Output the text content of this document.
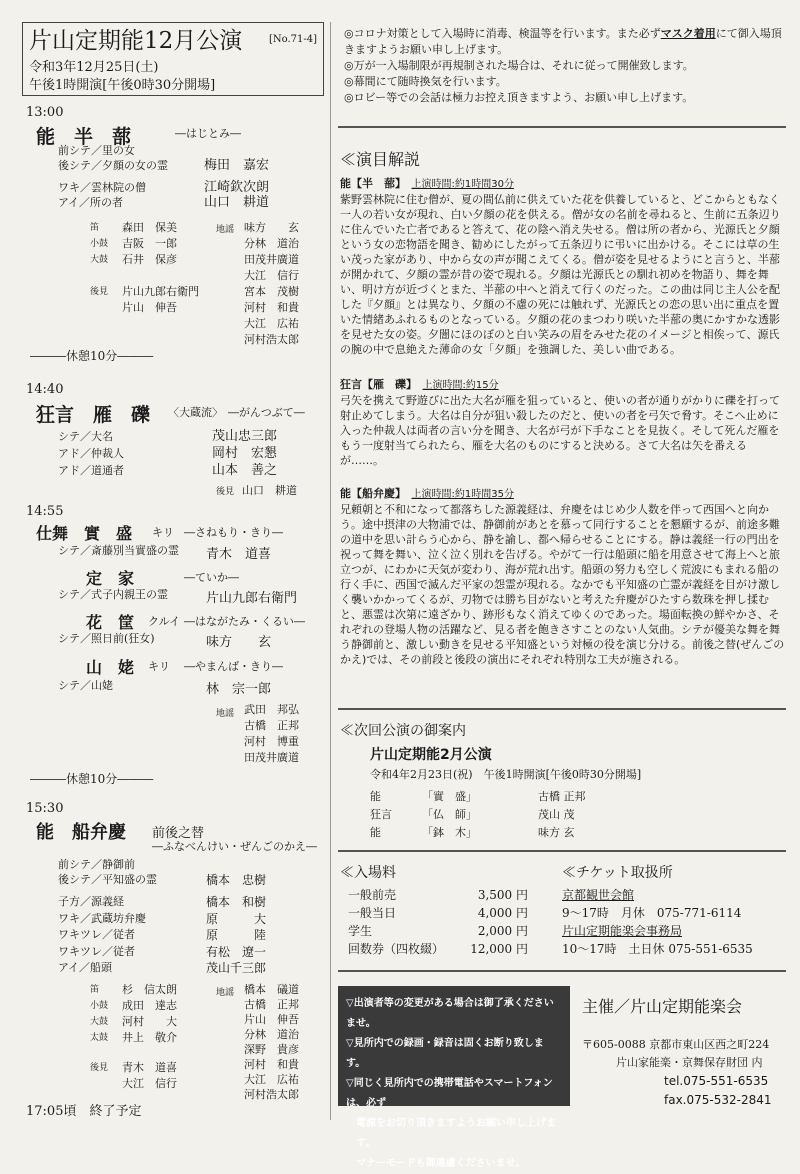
片山定期能12月公演	[No.71-4]
令和3年12月25日(土)
午後1時開演[午後0時30分開場]
13:00
能　半　蔀	―はじとみ―
前シテ／里の女
後シテ／夕顔の女の霊	梅田　嘉宏
ワキ／雲林院の僧	江崎欽次朗
アイ／所の者	山口　耕道
笛	森田　保美
小鼓	吉阪　一郎
大鼓	石井　保彦
後見	片山九郎右衛門
片山　伸吾
地謡 味方　　玄
分林　道治
田茂井廣道
大江　信行
宮本　茂樹
河村　和貴
大江　広祐
河村浩太郎
―――休憩10分―――
14:40
狂言　雁　礫 〈大蔵流〉 ―がんつぶて―
シテ／大名	茂山忠三郎
アド／仲裁人	岡村　宏懇
アド／道通者	山本　善之
後見 山口　耕道
14:55
仕舞　實　盛 キリ ―さねもり・きり―
シテ／斎藤別当實盛の霊 青木　道喜
定　家	―ていか―
シテ／式子内親王の霊	片山九郎右衛門
花　筐 クルイ ―はながたみ・くるい―
シテ／照日前(狂女)	味方　　玄
山　姥 キリ ―やまんば・きり―
シテ／山姥	林　宗一郎
地謡 武田　邦弘
古橋　正邦
河村　博重
田茂井廣道
―――休憩10分―――
15:30
能　船弁慶 前後之替
―ふなべんけい・ぜんごのかえ―
前シテ／静御前
後シテ／平知盛の霊	橋本　忠樹
子方／源義経	橋本　和樹
ワキ／武蔵坊弁慶	原　　　大
ワキツレ／従者	原　　　陸
ワキツレ／従者	有松　遼一
アイ／船頭	茂山千三郎
笛	杉　信太朗
小鼓	成田　達志
大鼓	河村　　大
太鼓	井上　敬介
後見	青木　道喜
大江　信行
地謡 橋本　礒道
古橋　正邦
片山　伸吾
分林　道治
深野　貴彦
河村　和貴
大江　広祐
河村浩太郎
17:05頃　終了予定
◎コロナ対策として入場時に消毒、検温等を行います。また必ずマスク着用にて御入場頂きますようお願い申し上げます。
◎万が一入場制限が再規制された場合は、それに従って開催致します。
◎幕間にて随時換気を行います。
◎ロビー等での会話は極力お控え頂きますよう、お願い申し上げます。
≪演目解説
能【半　蔀】　 上演時間:約1時間30分
紫野雲林院に住む僧が、夏の間仏前に供えていた花を供養していると、どこからともなく一人の若い女が現れ、白い夕顔の花を供える。僧が女の名前を尋ねると、生前に五条辺りに住んでいた亡者であると答えて、花の陰へ消え失せる。僧は所の者から、光源氏と夕顔という女の恋物語を聞き、勧めにしたがって五条辺りに弔いに出かける。そこには草の生い茂った家があり、中から女の声が聞こえてくる。僧が姿を見せるようにと言うと、半蔀が開かれて、夕顔の霊が昔の姿で現れる。夕顔は光源氏との馴れ初めを物語り、舞を舞い、明け方が近づくとまた、半蔀の中へと消えて行くのだった。この曲は同じ主人公を配した『夕顔』とは異なり、夕顔の不慮の死には触れず、光源氏との恋の思い出に重点を置いた情緒あふれるものとなっている。夕顔の花のまつわり咲いた半蔀の奥にかすかな透影を見せた女の姿。夕闇にほのぼのと白い笑みの眉をみせた花のイメージと相俟って、源氏の腕の中で息絶えた薄命の女「夕顔」を強調した、美しい曲である。
狂言【雁　礫】　 上演時間:約15分
弓矢を携えて野遊びに出た大名が雁を狙っていると、使いの者が通りがかりに礫を打って射止めてしまう。大名は自分が狙い殺したのだと、使いの者を弓矢で脅す。そこへ止めに入った仲裁人は両者の言い分を聞き、大名が弓が下手なことを見抜く。そして死んだ雁をもう一度射当てられたら、雁を大名のものにすると決める。さて大名は矢を番えるが……。
能【船弁慶】　 上演時間:約1時間35分
兄頼朝と不和になって都落ちした源義経は、弁慶をはじめ少人数を伴って西国へと向かう。途中摂津の大物浦では、静御前があとを慕って同行することを懇願するが、前途多難の道中を思い計らう心から、静を諭し、都へ帰らせることにする。静は義経一行の門出を祝って舞を舞い、泣く泣く別れを告げる。やがて一行は船頭に船を用意させて海上へと旅立つが、にわかに天気が変わり、海が荒れ出す。船頭の努力も空しく荒波にもまれる船の行く手に、西国で滅んだ平家の怨霊が現れる。なかでも平知盛の亡霊が義経を目がけ激しく襲いかかってくるが、刃物では勝ち目がないと考えた弁慶がひたすら数珠を押し揉むと、悪霊は次第に遠ざかり、跡形もなく消えてゆくのであった。場面転換の鮮やかさ、それぞれの登場人物の活躍など、見る者を飽きさすことのない人気曲。シテが優美な舞を舞う静御前と、激しい動きを見せる平知盛という対極の役を演じ分ける。前後之替(ぜんごのかえ)では、その前段と後段の演出にそれぞれ特別な工夫が施される。
≪次回公演の御案内
片山定期能2月公演
令和4年2月23日(祝)　午後1時開演[午後0時30分開場]
能	「實　盛」	古橋 正邦
狂言	「仏　師」	茂山 茂
能	「鉢　木」	味方 玄
≪入場料
一般前売	3,500 円
一般当日	4,000 円
学生	2,000 円
回数券（四枚綴） 12,000 円
≪チケット取扱所
京都観世会館
9〜17時　月休　075-771-6114
片山定期能楽会事務局
10〜17時　土日休 075-551-6535
▽出演者等の変更がある場合は御了承くださいませ。
▽見所内での録画・録音は固くお断り致します。
▽同じく見所内での携帯電話やスマートフォンは、必ず
電源をお切り頂きますようお願い申し上げます。
マナーモードも御遠慮くださいませ。
主催／片山定期能楽会
〒605-0088 京都市東山区西之町224
片山家能楽・京舞保存財団 内
tel.075-551-6535
fax.075-532-2841
